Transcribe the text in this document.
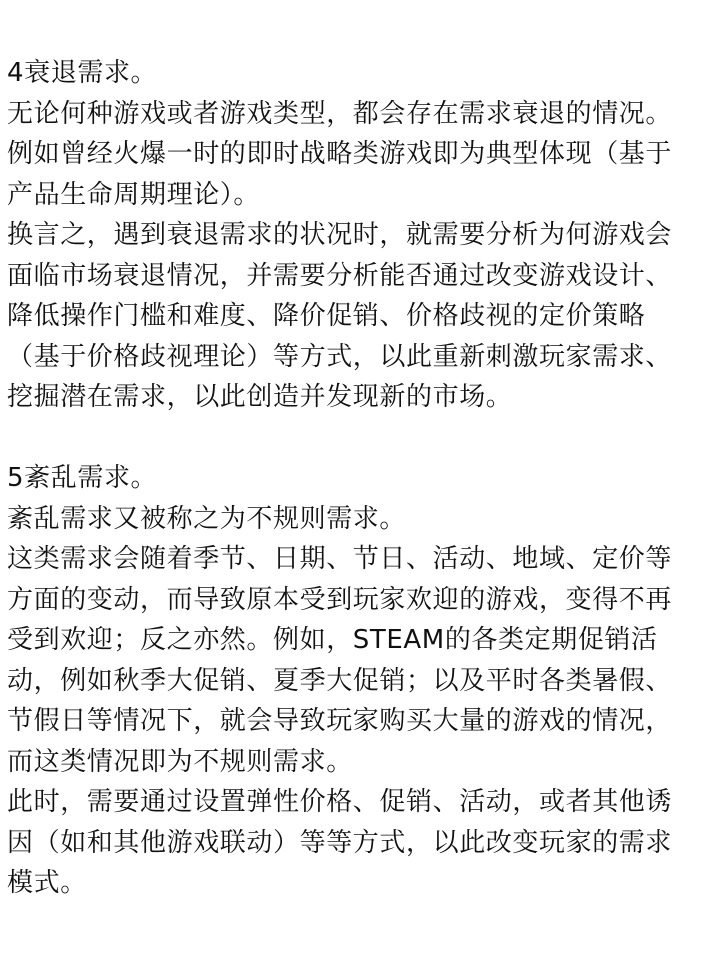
4衰退需求。
无论何种游戏或者游戏类型，都会存在需求衰退的情况。
例如曾经火爆一时的即时战略类游戏即为典型体现（基于
产品生命周期理论）。
换言之，遇到衰退需求的状况时，就需要分析为何游戏会
面临市场衰退情况，并需要分析能否通过改变游戏设计、
降低操作门槛和难度、降价促销、价格歧视的定价策略
（基于价格歧视理论）等方式，以此重新刺激玩家需求、
挖掘潜在需求，以此创造并发现新的市场。
5紊乱需求。
紊乱需求又被称之为不规则需求。
这类需求会随着季节、日期、节日、活动、地域、定价等
方面的变动，而导致原本受到玩家欢迎的游戏，变得不再
受到欢迎；反之亦然。例如，STEAM的各类定期促销活
动，例如秋季大促销、夏季大促销；以及平时各类暑假、
节假日等情况下，就会导致玩家购买大量的游戏的情况，
而这类情况即为不规则需求。
此时，需要通过设置弹性价格、促销、活动，或者其他诱
因（如和其他游戏联动）等等方式，以此改变玩家的需求
模式。
